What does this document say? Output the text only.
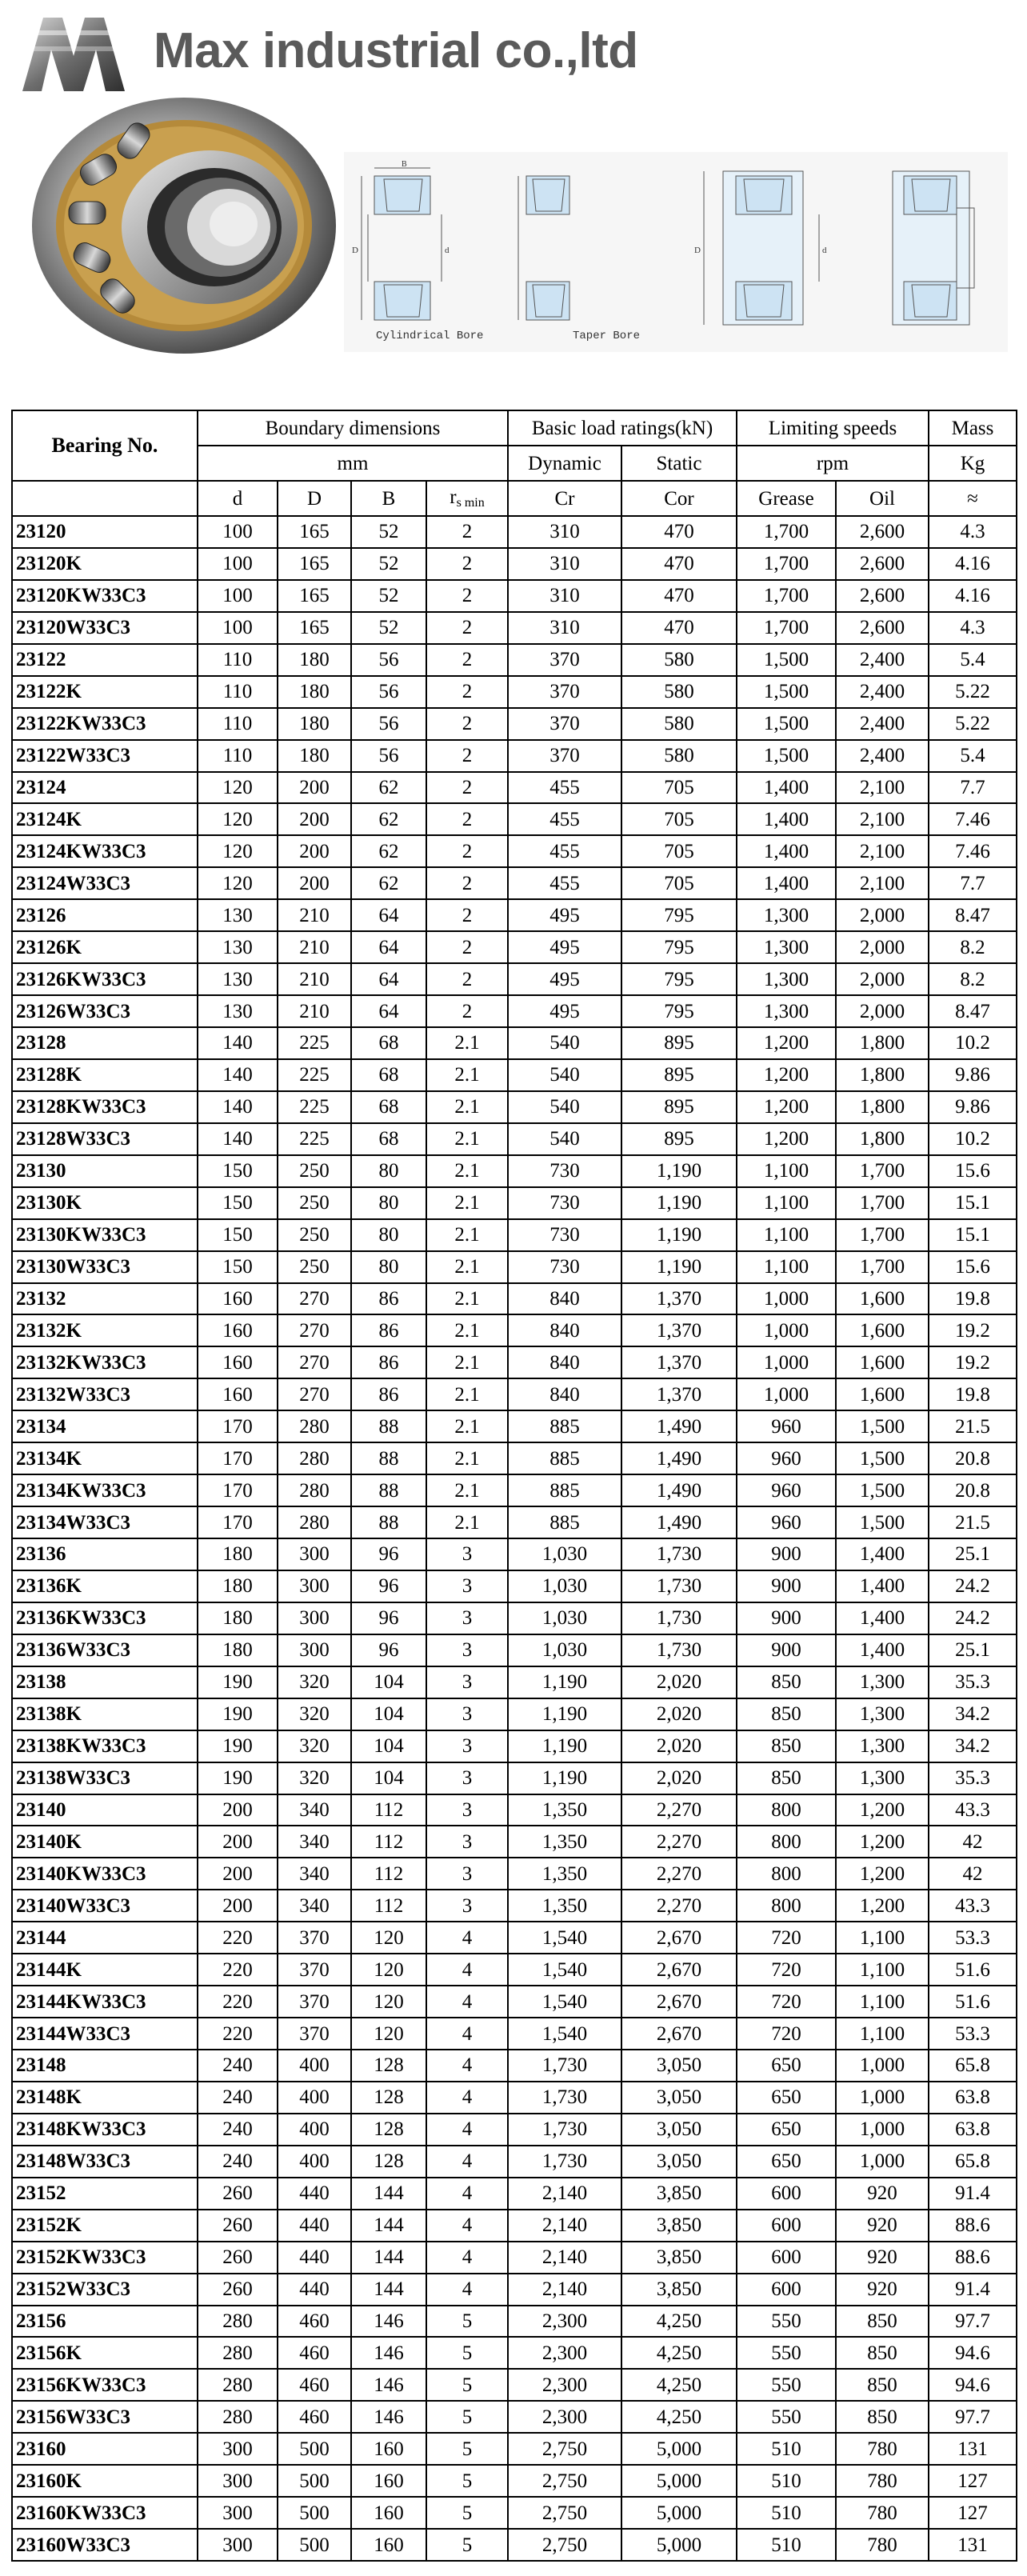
Max industrial co.,ltd
D	d
B
Cylindrical Bore	Taper Bore
D	d
Bearing No.	Boundary dimensions				Basic load ratings(kN)		Limiting speeds		Mass
	mm				Dynamic	Static	rpm		Kg
	d	D	B	$r_{s min}$	Cr	Cor	Grease	Oil	≈
23120	100	165	52	2	310	470	1,700	2,600	4.3
23120K	100	165	52	2	310	470	1,700	2,600	4.16
23120KW33C3	100	165	52	2	310	470	1,700	2,600	4.16
23120W33C3	100	165	52	2	310	470	1,700	2,600	4.3
23122	110	180	56	2	370	580	1,500	2,400	5.4
23122K	110	180	56	2	370	580	1,500	2,400	5.22
23122KW33C3	110	180	56	2	370	580	1,500	2,400	5.22
23122W33C3	110	180	56	2	370	580	1,500	2,400	5.4
23124	120	200	62	2	455	705	1,400	2,100	7.7
23124K	120	200	62	2	455	705	1,400	2,100	7.46
23124KW33C3	120	200	62	2	455	705	1,400	2,100	7.46
23124W33C3	120	200	62	2	455	705	1,400	2,100	7.7
23126	130	210	64	2	495	795	1,300	2,000	8.47
23126K	130	210	64	2	495	795	1,300	2,000	8.2
23126KW33C3	130	210	64	2	495	795	1,300	2,000	8.2
23126W33C3	130	210	64	2	495	795	1,300	2,000	8.47
23128	140	225	68	2.1	540	895	1,200	1,800	10.2
23128K	140	225	68	2.1	540	895	1,200	1,800	9.86
23128KW33C3	140	225	68	2.1	540	895	1,200	1,800	9.86
23128W33C3	140	225	68	2.1	540	895	1,200	1,800	10.2
23130	150	250	80	2.1	730	1,190	1,100	1,700	15.6
23130K	150	250	80	2.1	730	1,190	1,100	1,700	15.1
23130KW33C3	150	250	80	2.1	730	1,190	1,100	1,700	15.1
23130W33C3	150	250	80	2.1	730	1,190	1,100	1,700	15.6
23132	160	270	86	2.1	840	1,370	1,000	1,600	19.8
23132K	160	270	86	2.1	840	1,370	1,000	1,600	19.2
23132KW33C3	160	270	86	2.1	840	1,370	1,000	1,600	19.2
23132W33C3	160	270	86	2.1	840	1,370	1,000	1,600	19.8
23134	170	280	88	2.1	885	1,490	960	1,500	21.5
23134K	170	280	88	2.1	885	1,490	960	1,500	20.8
23134KW33C3	170	280	88	2.1	885	1,490	960	1,500	20.8
23134W33C3	170	280	88	2.1	885	1,490	960	1,500	21.5
23136	180	300	96	3	1,030	1,730	900	1,400	25.1
23136K	180	300	96	3	1,030	1,730	900	1,400	24.2
23136KW33C3	180	300	96	3	1,030	1,730	900	1,400	24.2
23136W33C3	180	300	96	3	1,030	1,730	900	1,400	25.1
23138	190	320	104	3	1,190	2,020	850	1,300	35.3
23138K	190	320	104	3	1,190	2,020	850	1,300	34.2
23138KW33C3	190	320	104	3	1,190	2,020	850	1,300	34.2
23138W33C3	190	320	104	3	1,190	2,020	850	1,300	35.3
23140	200	340	112	3	1,350	2,270	800	1,200	43.3
23140K	200	340	112	3	1,350	2,270	800	1,200	42
23140KW33C3	200	340	112	3	1,350	2,270	800	1,200	42
23140W33C3	200	340	112	3	1,350	2,270	800	1,200	43.3
23144	220	370	120	4	1,540	2,670	720	1,100	53.3
23144K	220	370	120	4	1,540	2,670	720	1,100	51.6
23144KW33C3	220	370	120	4	1,540	2,670	720	1,100	51.6
23144W33C3	220	370	120	4	1,540	2,670	720	1,100	53.3
23148	240	400	128	4	1,730	3,050	650	1,000	65.8
23148K	240	400	128	4	1,730	3,050	650	1,000	63.8
23148KW33C3	240	400	128	4	1,730	3,050	650	1,000	63.8
23148W33C3	240	400	128	4	1,730	3,050	650	1,000	65.8
23152	260	440	144	4	2,140	3,850	600	920	91.4
23152K	260	440	144	4	2,140	3,850	600	920	88.6
23152KW33C3	260	440	144	4	2,140	3,850	600	920	88.6
23152W33C3	260	440	144	4	2,140	3,850	600	920	91.4
23156	280	460	146	5	2,300	4,250	550	850	97.7
23156K	280	460	146	5	2,300	4,250	550	850	94.6
23156KW33C3	280	460	146	5	2,300	4,250	550	850	94.6
23156W33C3	280	460	146	5	2,300	4,250	550	850	97.7
23160	300	500	160	5	2,750	5,000	510	780	131
23160K	300	500	160	5	2,750	5,000	510	780	127
23160KW33C3	300	500	160	5	2,750	5,000	510	780	127
23160W33C3	300	500	160	5	2,750	5,000	510	780	131
